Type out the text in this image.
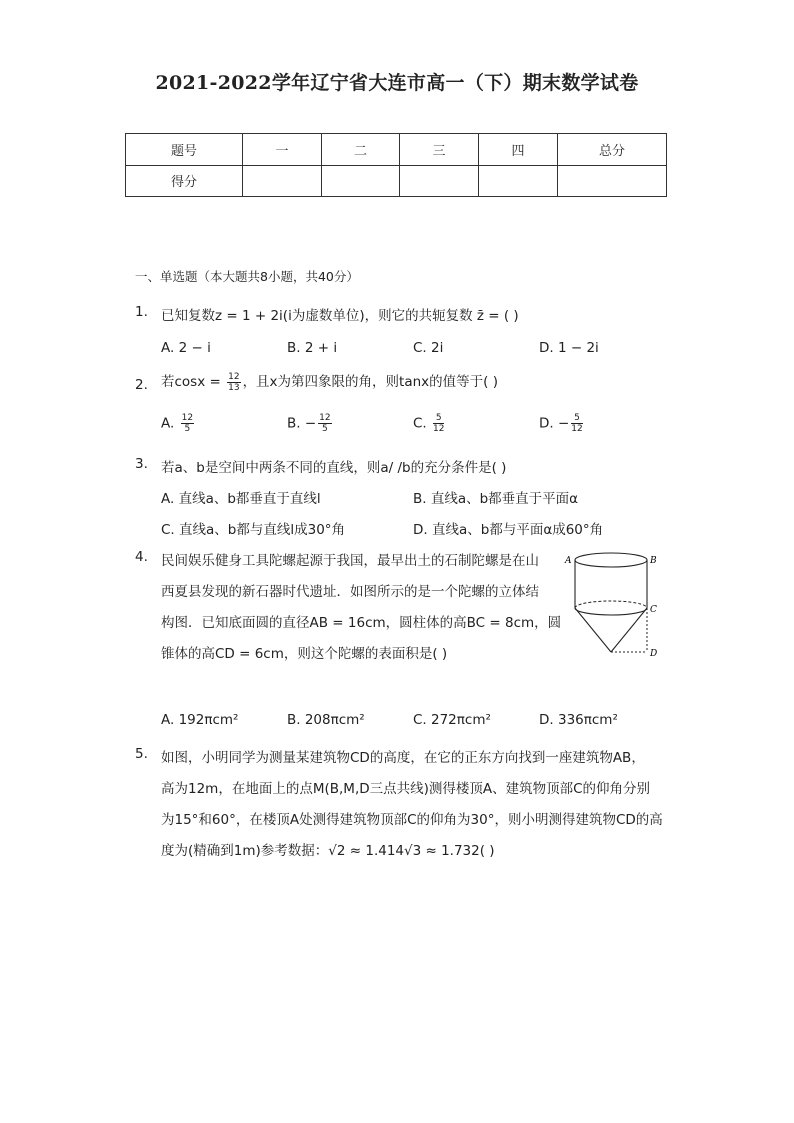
2021-2022学年辽宁省大连市高一（下）期末数学试卷
题号	一	二	三	四	总分
得分					
一、单选题（本大题共8小题，共40分）
1. 已知复数z = 1 + 2i(i为虚数单位)，则它的共轭复数 z̄ = ( )
A. 2 − i	B. 2 + i	C. 2i	D. 1 − 2i
2. 若$\cos x = \frac{12}{13}$ ，且x为第四象限的角，则tanx的值等于( )
A. $\frac{12}{5}$	B. − $\frac{12}{5}$	C. $\frac{5}{12}$	D. − $\frac{5}{12}$
3. 若a、b是空间中两条不同的直线，则a/ /b的充分条件是( )
A. 直线a、b都垂直于直线l	B. 直线a、b都垂直于平面α
C. 直线a、b都与直线l成30°角	D. 直线a、b都与平面α成60°角
4. 民间娱乐健身工具陀螺起源于我国，最早出土的石制陀螺是在山
西夏县发现的新石器时代遗址．如图所示的是一个陀螺的立体结
构图．已知底面圆的直径AB = 16cm，圆柱体的高BC = 8cm，圆
锥体的高CD = 6cm，则这个陀螺的表面积是( )
A	B
C
D
A. 192πcm²	B. 208πcm²	C. 272πcm²	D. 336πcm²
5. 如图，小明同学为测量某建筑物CD的高度，在它的正东方向找到一座建筑物AB，
高为12m，在地面上的点M(B,M,D三点共线)测得楼顶A、建筑物顶部C的仰角分别
为15°和60°，在楼顶A处测得建筑物顶部C的仰角为30°，则小明测得建筑物CD的高
度为(精确到1m)参考数据：√2 ≈ 1.414√3 ≈ 1.732( )
